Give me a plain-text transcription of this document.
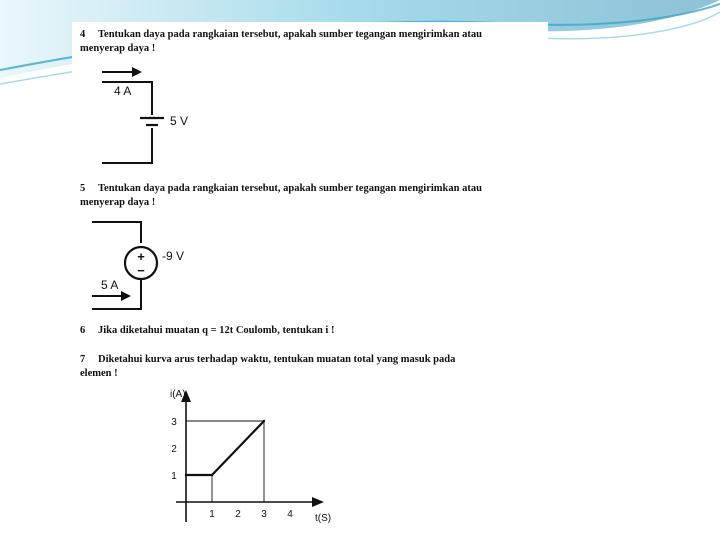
4 Tentukan daya pada rangkaian tersebut, apakah sumber tegangan mengirimkan atau
menyerap daya !
4 A
5 V
5 Tentukan daya pada rangkaian tersebut, apakah sumber tegangan mengirimkan atau
menyerap daya !
+
−
-9 V
5 A
6 Jika diketahui muatan q = 12t Coulomb, tentukan i !
7 Diketahui kurva arus terhadap waktu, tentukan muatan total yang masuk pada
elemen !
i(A)
t(S)
1 2 3 4
1
2
3
